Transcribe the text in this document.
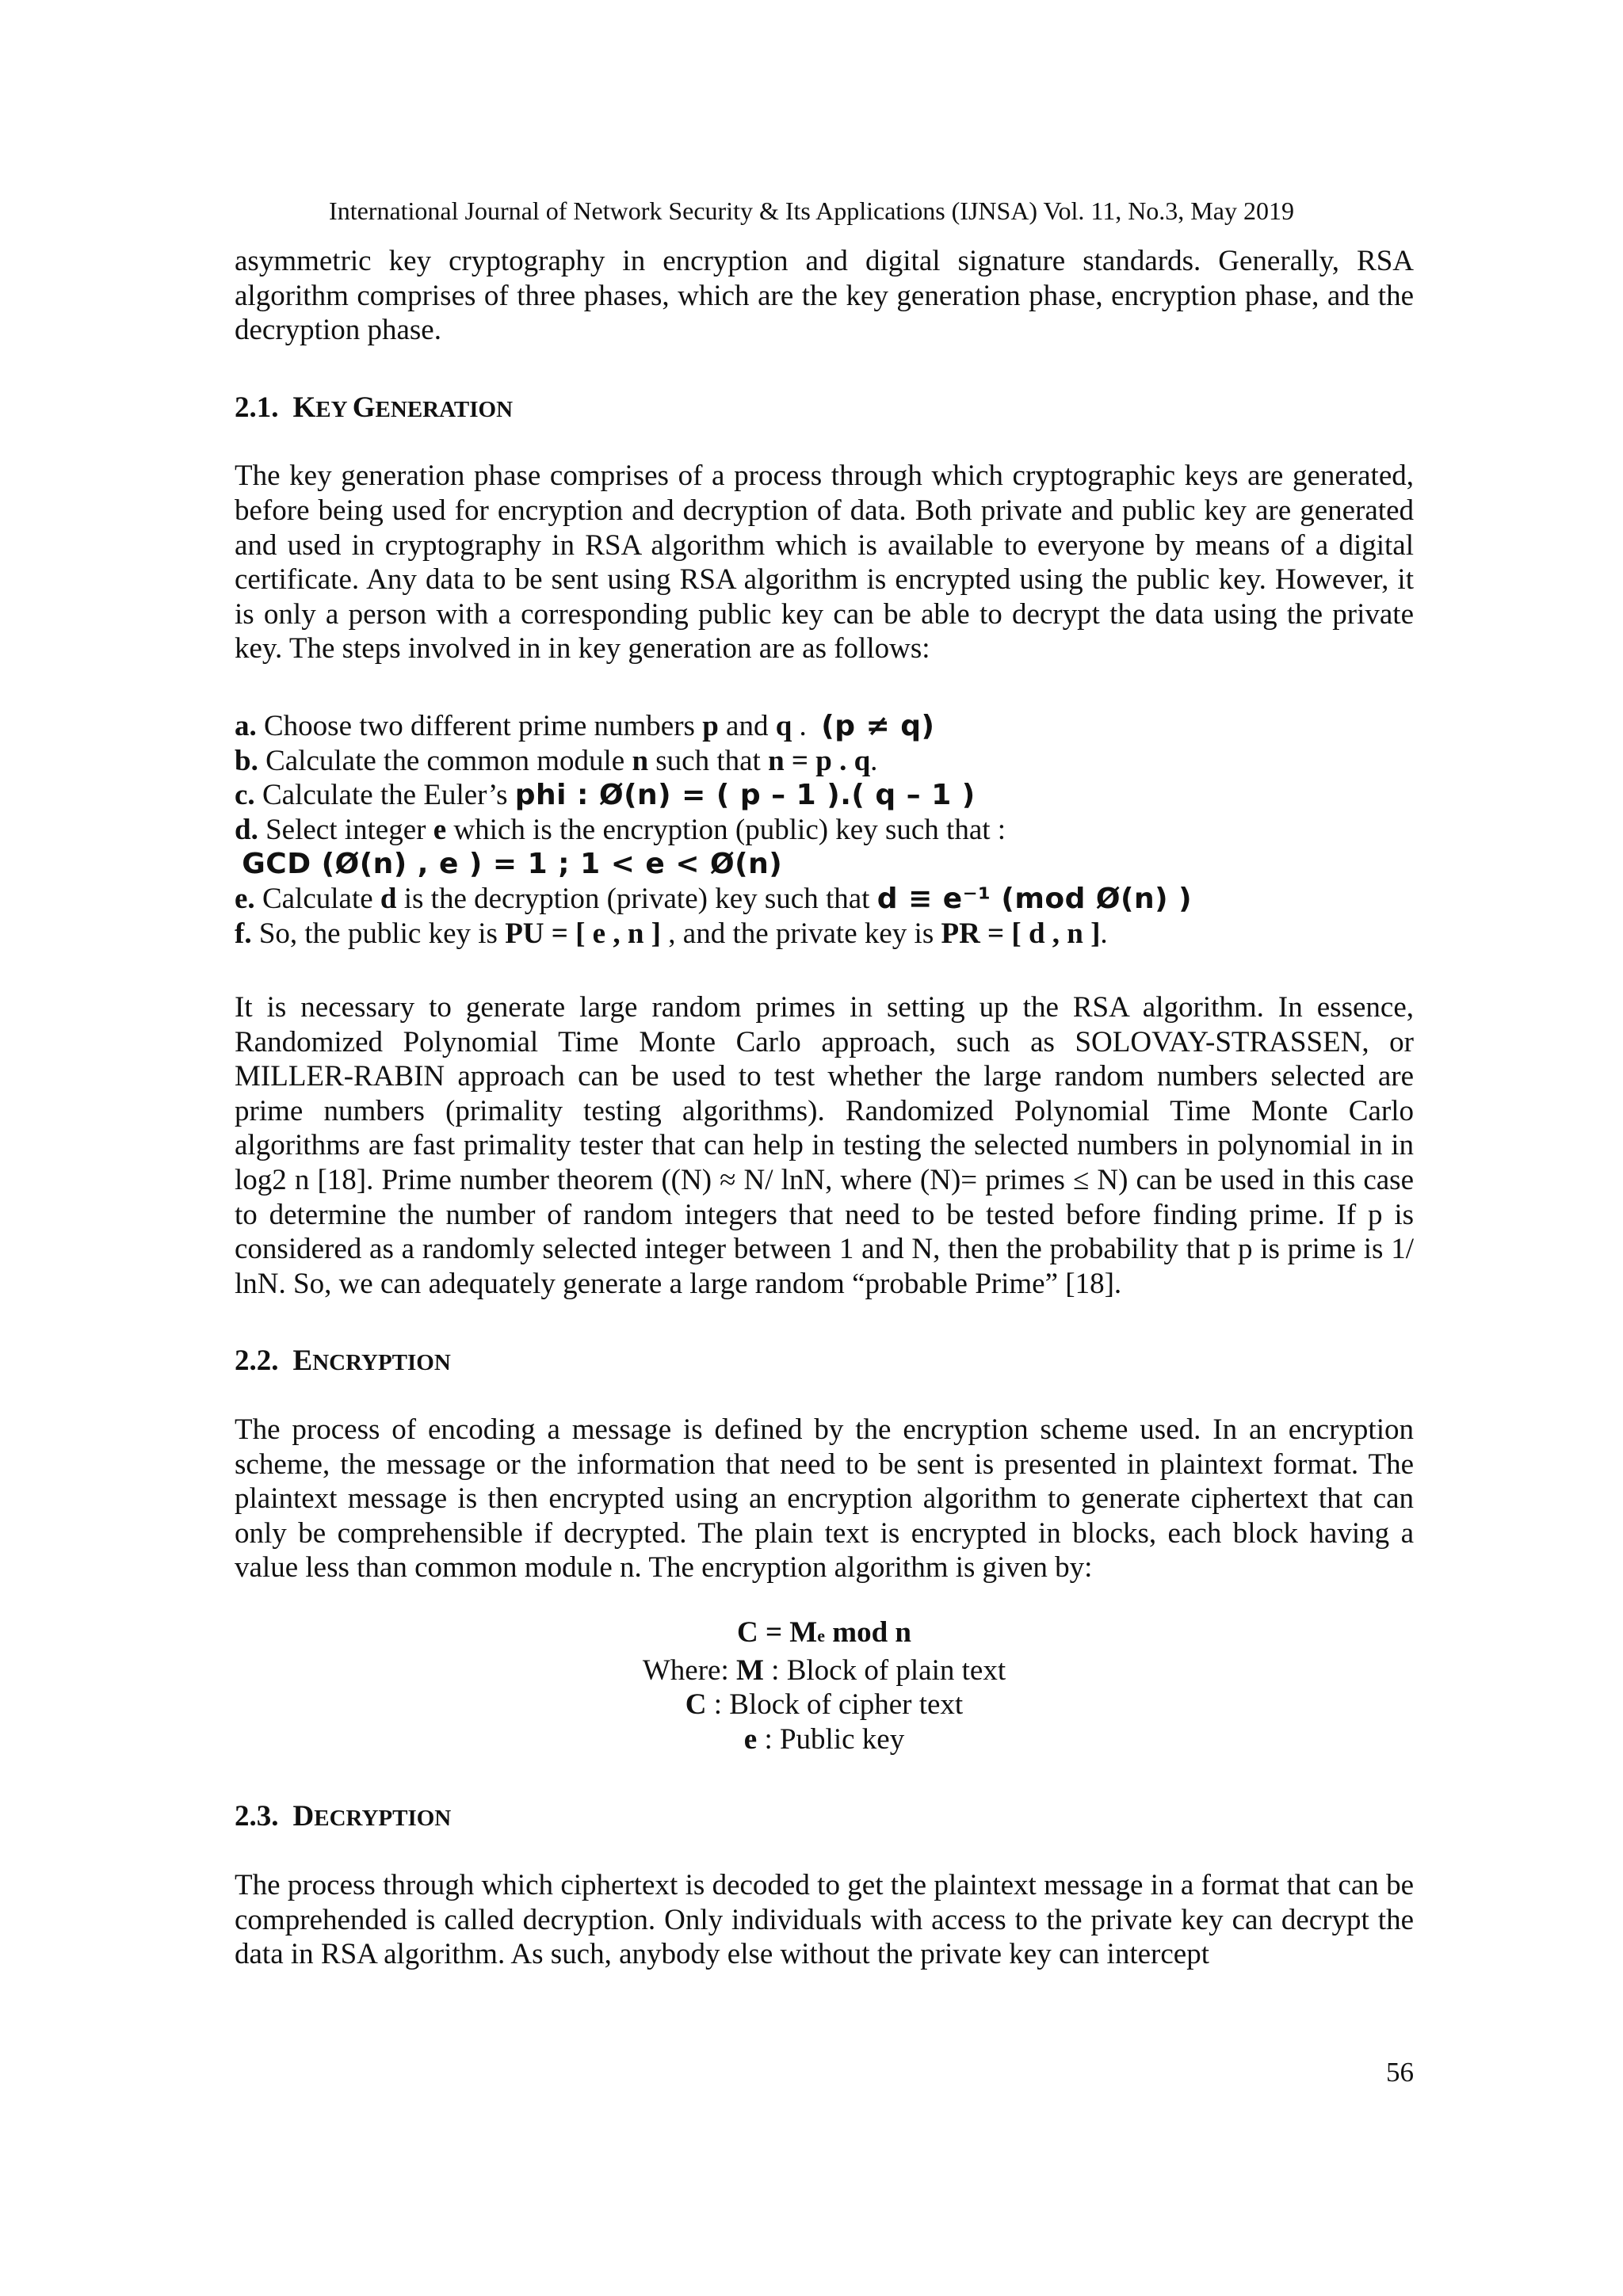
International Journal of Network Security & Its Applications (IJNSA) Vol. 11, No.3, May 2019

asymmetric key cryptography in encryption and digital signature standards. Generally, RSA algorithm comprises of three phases, which are the key generation phase, encryption phase, and the decryption phase.

2.1. KEY GENERATION

The key generation phase comprises of a process through which cryptographic keys are generated, before being used for encryption and decryption of data. Both private and public key are generated and used in cryptography in RSA algorithm which is available to everyone by means of a digital certificate. Any data to be sent using RSA algorithm is encrypted using the public key. However, it is only a person with a corresponding public key can be able to decrypt the data using the private key. The steps involved in in key generation are as follows:

a. Choose two different prime numbers p and q . (p ≠ q)

b. Calculate the common module n such that n = p . q.

c. Calculate the Euler’s phi : Ø(n) = ( p – 1 ).( q – 1 )

d. Select integer e which is the encryption (public) key such that :

GCD (Ø(n) , e ) = 1 ; 1 < e < Ø(n)

e. Calculate d is the decryption (private) key such that d ≡ e⁻¹ (mod Ø(n) )

f. So, the public key is PU = [ e , n ] , and the private key is PR = [ d , n ].

It is necessary to generate large random primes in setting up the RSA algorithm. In essence, Randomized Polynomial Time Monte Carlo approach, such as SOLOVAY-STRASSEN, or MILLER-RABIN approach can be used to test whether the large random numbers selected are prime numbers (primality testing algorithms). Randomized Polynomial Time Monte Carlo algorithms are fast primality tester that can help in testing the selected numbers in polynomial in in log2 n [18]. Prime number theorem ((N) ≈ N/ lnN, where (N)= primes ≤ N) can be used in this case to determine the number of random integers that need to be tested before finding prime. If p is considered as a randomly selected integer between 1 and N, then the probability that p is prime is 1/ lnN. So, we can adequately generate a large random “probable Prime” [18].

2.2. ENCRYPTION

The process of encoding a message is defined by the encryption scheme used. In an encryption scheme, the message or the information that need to be sent is presented in plaintext format. The plaintext message is then encrypted using an encryption algorithm to generate ciphertext that can only be comprehensible if decrypted. The plain text is encrypted in blocks, each block having a value less than common module n. The encryption algorithm is given by:

C = Me mod n
Where: M : Block of plain text
C : Block of cipher text
e : Public key
2.3. DECRYPTION

The process through which ciphertext is decoded to get the plaintext message in a format that can be comprehended is called decryption. Only individuals with access to the private key can decrypt the data in RSA algorithm. As such, anybody else without the private key can intercept

56
